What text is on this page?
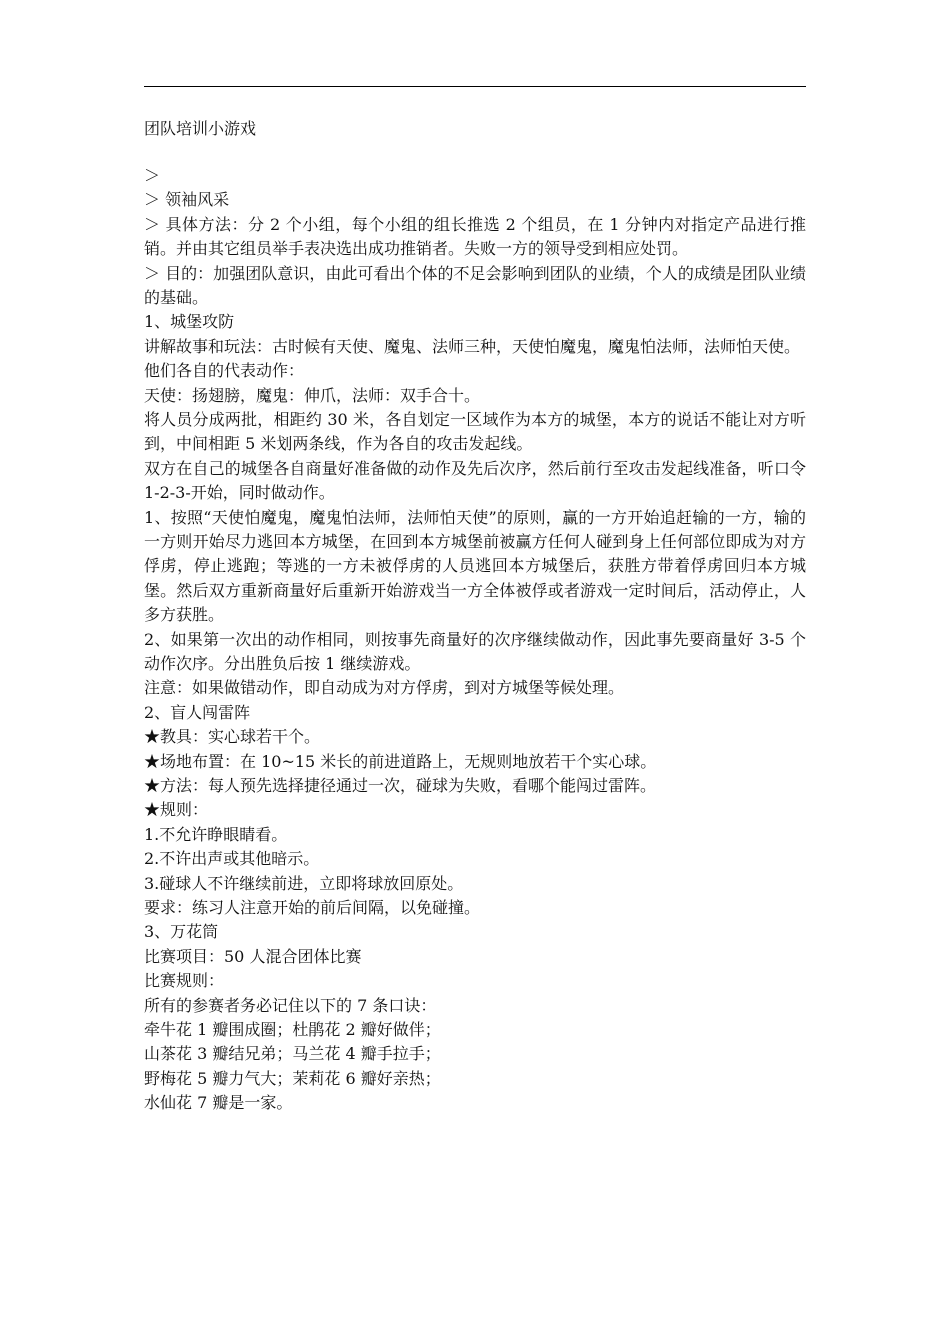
团队培训小游戏
＞
＞ 领袖风采
＞ 具体方法：分 2 个小组，每个小组的组长推选 2 个组员，在 1 分钟内对指定产品进行推销。并由其它组员举手表决选出成功推销者。失败一方的领导受到相应处罚。
＞ 目的：加强团队意识，由此可看出个体的不足会影响到团队的业绩，个人的成绩是团队业绩的基础。
1、城堡攻防
讲解故事和玩法：古时候有天使、魔鬼、法师三种，天使怕魔鬼，魔鬼怕法师，法师怕天使。
他们各自的代表动作：
天使：扬翅膀，魔鬼：伸爪，法师：双手合十。
将人员分成两批，相距约 30 米，各自划定一区域作为本方的城堡，本方的说话不能让对方听到，中间相距 5 米划两条线，作为各自的攻击发起线。
双方在自己的城堡各自商量好准备做的动作及先后次序，然后前行至攻击发起线准备，听口令 1-2-3-开始，同时做动作。
1、按照“天使怕魔鬼，魔鬼怕法师，法师怕天使”的原则，赢的一方开始追赶输的一方，输的一方则开始尽力逃回本方城堡，在回到本方城堡前被赢方任何人碰到身上任何部位即成为对方俘虏，停止逃跑；等逃的一方未被俘虏的人员逃回本方城堡后，获胜方带着俘虏回归本方城堡。然后双方重新商量好后重新开始游戏当一方全体被俘或者游戏一定时间后，活动停止，人多方获胜。
2、如果第一次出的动作相同，则按事先商量好的次序继续做动作，因此事先要商量好 3-5 个动作次序。分出胜负后按 1 继续游戏。
注意：如果做错动作，即自动成为对方俘虏，到对方城堡等候处理。
2、盲人闯雷阵
★教具：实心球若干个。
★场地布置：在 10~15 米长的前进道路上，无规则地放若干个实心球。
★方法：每人预先选择捷径通过一次，碰球为失败，看哪个能闯过雷阵。
★规则：
1.不允许睁眼睛看。
2.不许出声或其他暗示。
3.碰球人不许继续前进，立即将球放回原处。
要求：练习人注意开始的前后间隔，以免碰撞。
3、万花筒
比赛项目：50 人混合团体比赛
比赛规则：
所有的参赛者务必记住以下的 7 条口诀：
牵牛花 1 瓣围成圈；杜鹃花 2 瓣好做伴；
山茶花 3 瓣结兄弟；马兰花 4 瓣手拉手；
野梅花 5 瓣力气大；茉莉花 6 瓣好亲热；
水仙花 7 瓣是一家。
